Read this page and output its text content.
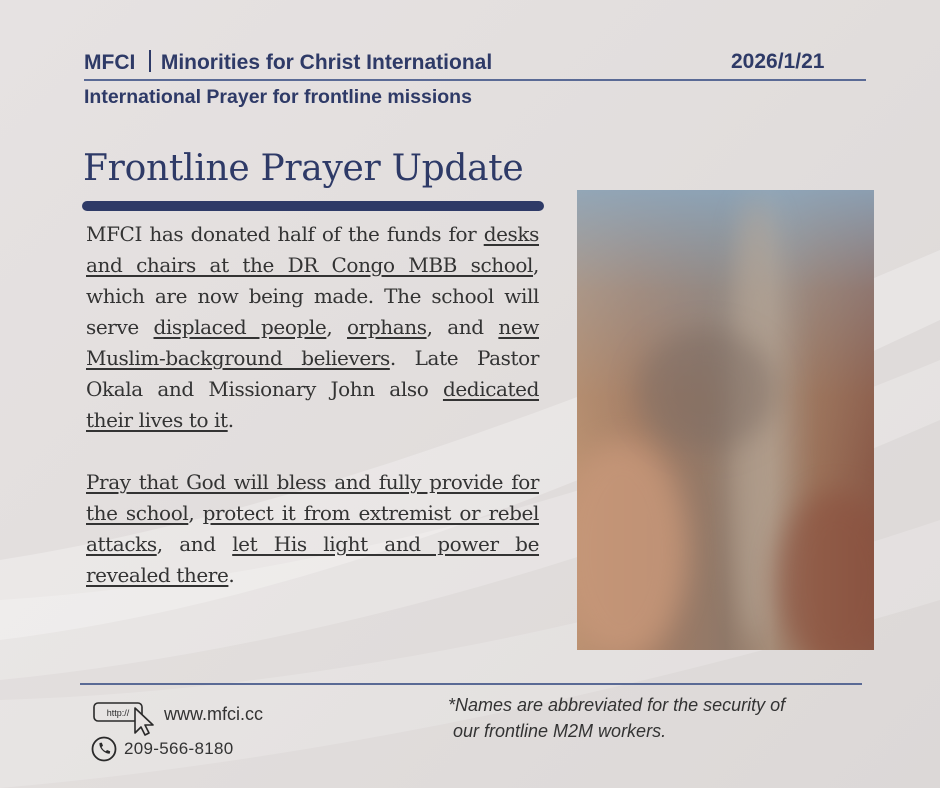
MFCI Minorities for Christ International	2026/1/21
International Prayer for frontline missions
Frontline Prayer Update

MFCI has donated half of the funds for desks and chairs at the DR Congo MBB school, which are now being made. The school will serve displaced people, orphans, and new Muslim-background believers. Late Pastor Okala and Missionary John also dedicated their lives to it.

Pray that God will bless and fully provide for the school, protect it from extremist or rebel attacks, and let His light and power be revealed there.

http:// www.mfci.cc
209-566-8180
*Names are abbreviated for the security of
our frontline M2M workers.
